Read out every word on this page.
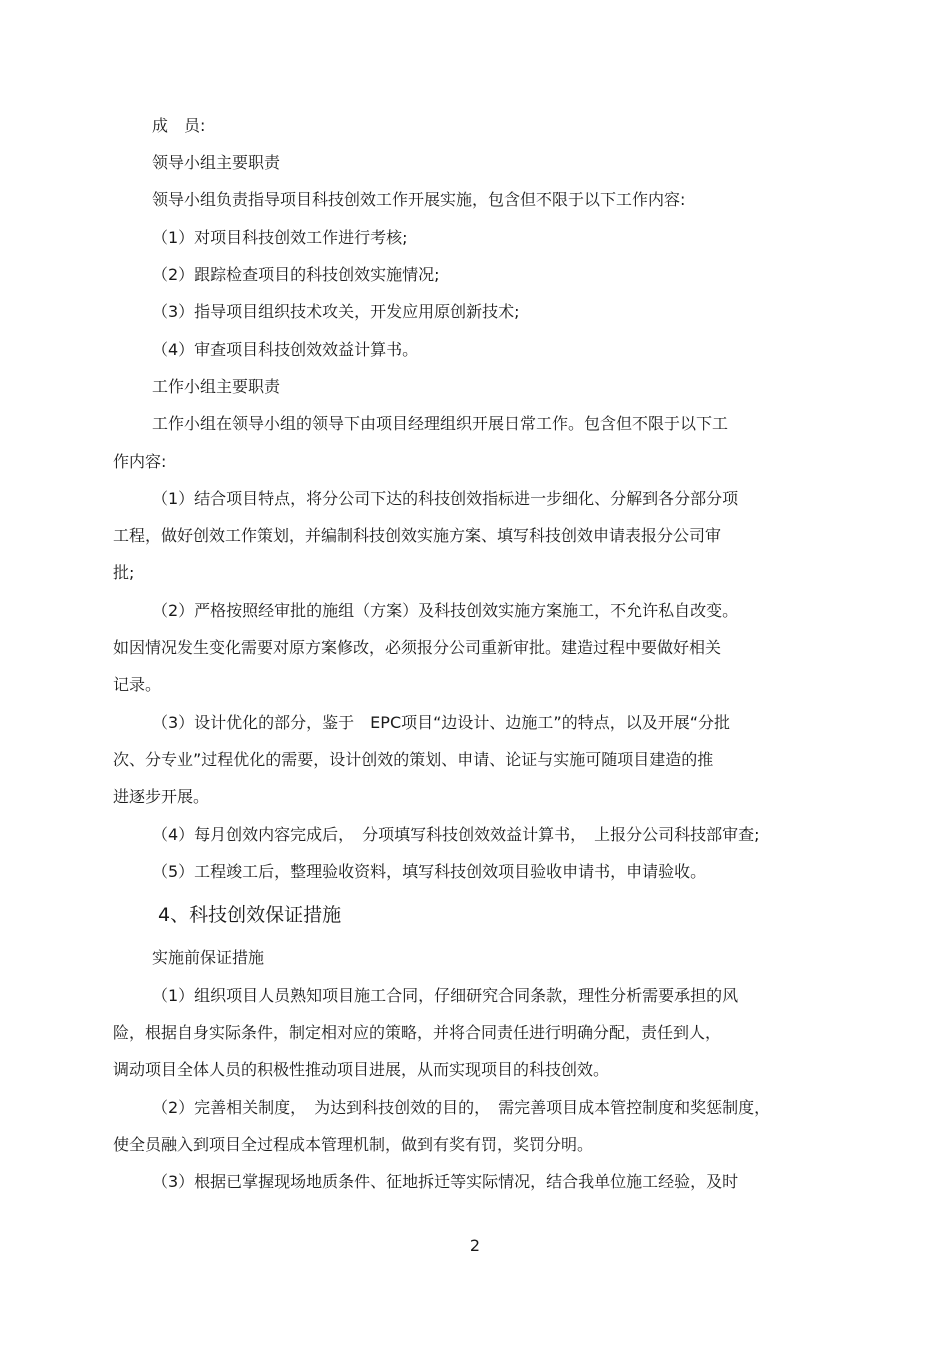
成　员:

领导小组主要职责

领导小组负责指导项目科技创效工作开展实施，包含但不限于以下工作内容:

（1）对项目科技创效工作进行考核;

（2）跟踪检查项目的科技创效实施情况;

（3）指导项目组织技术攻关，开发应用原创新技术;

（4）审查项目科技创效效益计算书。

工作小组主要职责

工作小组在领导小组的领导下由项目经理组织开展日常工作。包含但不限于以下工

作内容:

（1）结合项目特点，将分公司下达的科技创效指标进一步细化、分解到各分部分项

工程，做好创效工作策划，并编制科技创效实施方案、填写科技创效申请表报分公司审

批;

（2）严格按照经审批的施组（方案）及科技创效实施方案施工，不允许私自改变。

如因情况发生变化需要对原方案修改，必须报分公司重新审批。建造过程中要做好相关

记录。

（3）设计优化的部分，鉴于　EPC项目“边设计、边施工”的特点，以及开展“分批

次、分专业”过程优化的需要，设计创效的策划、申请、论证与实施可随项目建造的推

进逐步开展。

（4）每月创效内容完成后，　分项填写科技创效效益计算书，　上报分公司科技部审查;

（5）工程竣工后，整理验收资料，填写科技创效项目验收申请书，申请验收。

4、科技创效保证措施

实施前保证措施

（1）组织项目人员熟知项目施工合同，仔细研究合同条款，理性分析需要承担的风

险，根据自身实际条件，制定相对应的策略，并将合同责任进行明确分配，责任到人，

调动项目全体人员的积极性推动项目进展，从而实现项目的科技创效。

（2）完善相关制度，　为达到科技创效的目的，　需完善项目成本管控制度和奖惩制度，

使全员融入到项目全过程成本管理机制，做到有奖有罚，奖罚分明。

（3）根据已掌握现场地质条件、征地拆迁等实际情况，结合我单位施工经验，及时

2
